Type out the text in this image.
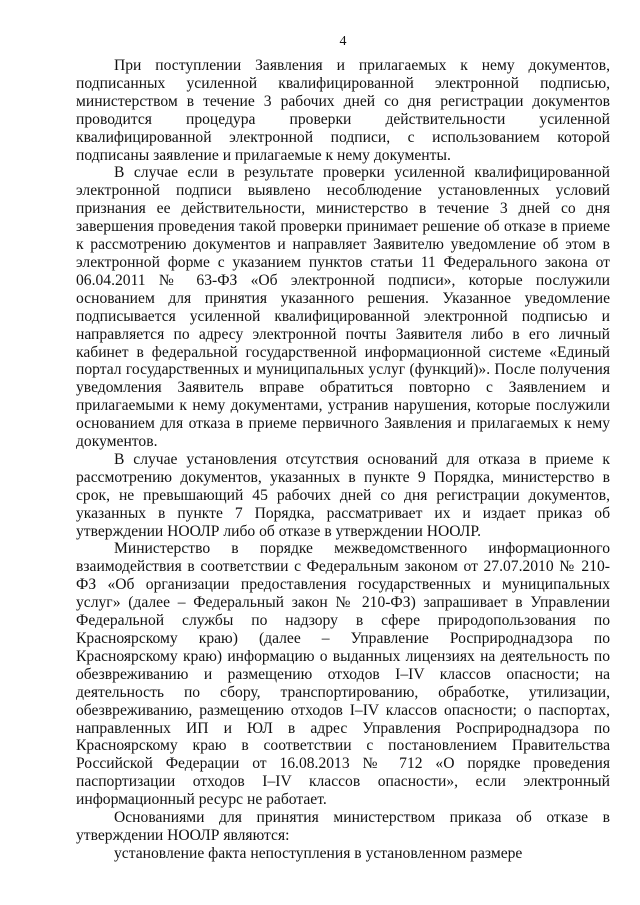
4

При поступлении Заявления и прилагаемых к нему документов, подписанных усиленной квалифицированной электронной подписью, министерством в течение 3 рабочих дней со дня регистрации документов проводится процедура проверки действительности усиленной квалифицированной электронной подписи, с использованием которой подписаны заявление и прилагаемые к нему документы.

В случае если в результате проверки усиленной квалифицированной электронной подписи выявлено несоблюдение установленных условий признания ее действительности, министерство в течение 3 дней со дня завершения проведения такой проверки принимает решение об отказе в приеме к рассмотрению документов и направляет Заявителю уведомление об этом в электронной форме с указанием пунктов статьи 11 Федерального закона от 06.04.2011 № 63-ФЗ «Об электронной подписи», которые послужили основанием для принятия указанного решения. Указанное уведомление подписывается усиленной квалифицированной электронной подписью и направляется по адресу электронной почты Заявителя либо в его личный кабинет в федеральной государственной информационной системе «Единый портал государственных и муниципальных услуг (функций)». После получения уведомления Заявитель вправе обратиться повторно с Заявлением и прилагаемыми к нему документами, устранив нарушения, которые послужили основанием для отказа в приеме первичного Заявления и прилагаемых к нему документов.

В случае установления отсутствия оснований для отказа в приеме к рассмотрению документов, указанных в пункте 9 Порядка, министерство в срок, не превышающий 45 рабочих дней со дня регистрации документов, указанных в пункте 7 Порядка, рассматривает их и издает приказ об утверждении НООЛР либо об отказе в утверждении НООЛР.

Министерство в порядке межведомственного информационного взаимодействия в соответствии с Федеральным законом от 27.07.2010 № 210-ФЗ «Об организации предоставления государственных и муниципальных услуг» (далее – Федеральный закон № 210-ФЗ) запрашивает в Управлении Федеральной службы по надзору в сфере природопользования по Красноярскому краю) (далее – Управление Росприроднадзора по Красноярскому краю) информацию о выданных лицензиях на деятельность по обезвреживанию и размещению отходов I–IV классов опасности; на деятельность по сбору, транспортированию, обработке, утилизации, обезвреживанию, размещению отходов I–IV классов опасности; о паспортах, направленных ИП и ЮЛ в адрес Управления Росприроднадзора по Красноярскому краю в соответствии с постановлением Правительства Российской Федерации от 16.08.2013 № 712 «О порядке проведения паспортизации отходов I–IV классов опасности», если электронный информационный ресурс не работает.

Основаниями для принятия министерством приказа об отказе в утверждении НООЛР являются:

установление факта непоступления в установленном размере
